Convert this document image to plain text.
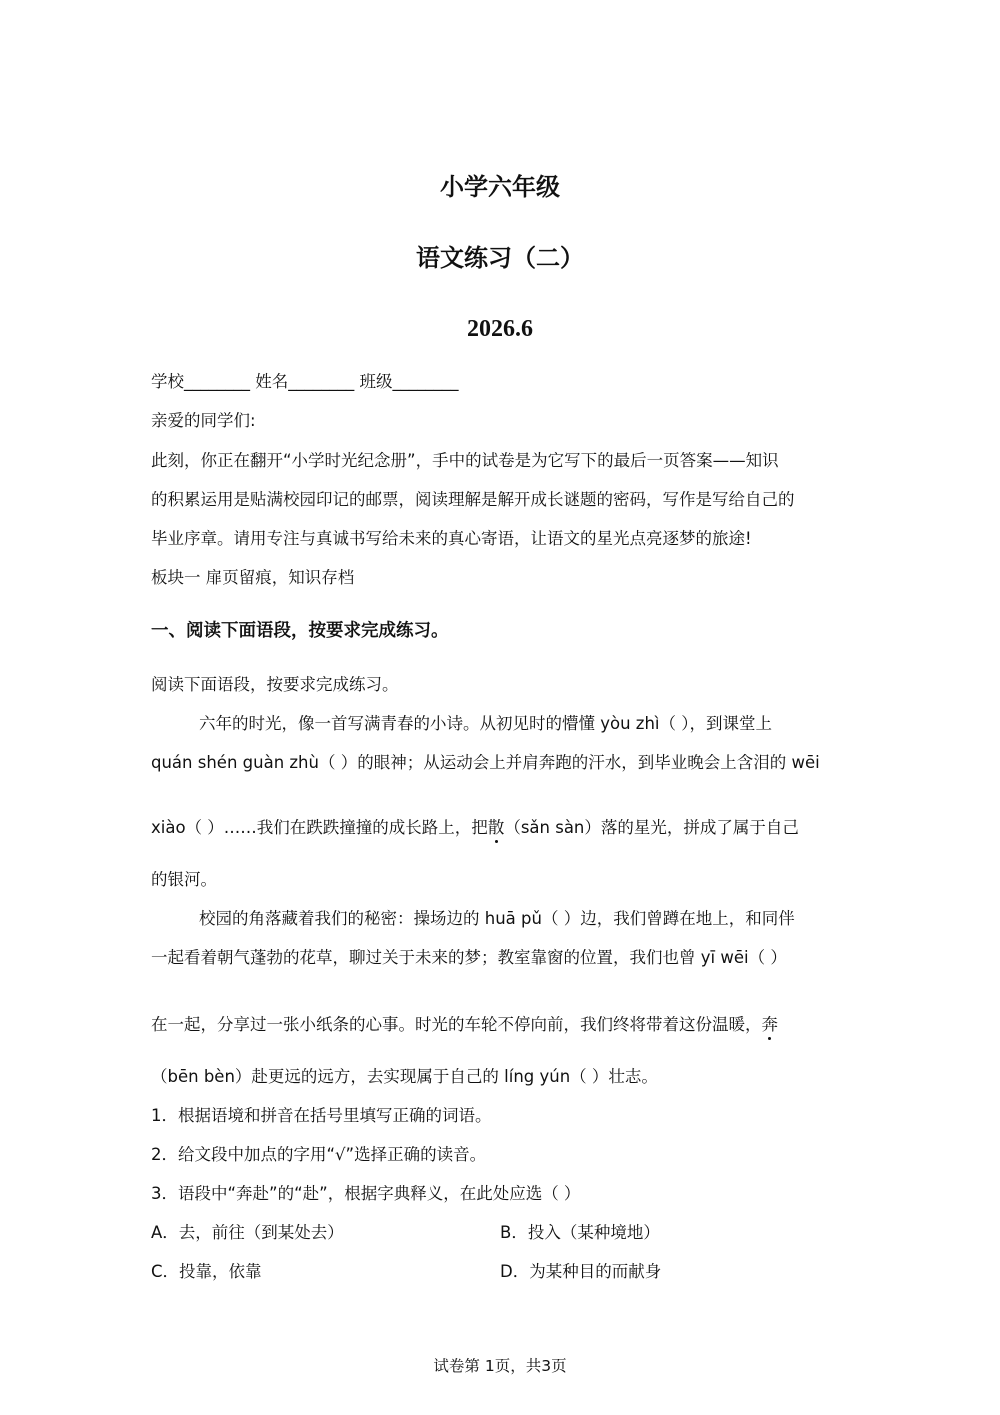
小学六年级
语文练习（二）
2026.6
学校________ 姓名________ 班级________
亲爱的同学们:
此刻，你正在翻开“小学时光纪念册”，手中的试卷是为它写下的最后一页答案——知识
的积累运用是贴满校园印记的邮票，阅读理解是解开成长谜题的密码，写作是写给自己的
毕业序章。请用专注与真诚书写给未来的真心寄语，让语文的星光点亮逐梦的旅途!
板块一 扉页留痕，知识存档
一、阅读下面语段，按要求完成练习。
阅读下面语段，按要求完成练习。
六年的时光，像一首写满青春的小诗。从初见时的懵懂 yòu zhì（ ），到课堂上
quán shén guàn zhù（ ）的眼神；从运动会上并肩奔跑的汗水，到毕业晚会上含泪的 wēi
xiào（ ）……我们在跌跌撞撞的成长路上，把散（sǎn sàn）落的星光，拼成了属于自己
的银河。
校园的角落藏着我们的秘密：操场边的 huā pǔ（ ）边，我们曾蹲在地上，和同伴
一起看着朝气蓬勃的花草，聊过关于未来的梦；教室靠窗的位置，我们也曾 yī wēi（ ）
在一起，分享过一张小纸条的心事。时光的车轮不停向前，我们终将带着这份温暖，奔
（bēn bèn）赴更远的远方，去实现属于自己的 líng yún（ ）壮志。
1．根据语境和拼音在括号里填写正确的词语。
2．给文段中加点的字用“√”选择正确的读音。
3．语段中“奔赴”的“赴”，根据字典释义，在此处应选（ ）
A．去，前往（到某处去）	B．投入（某种境地）
C．投靠，依靠	D．为某种目的而献身
试卷第 1页，共3页
